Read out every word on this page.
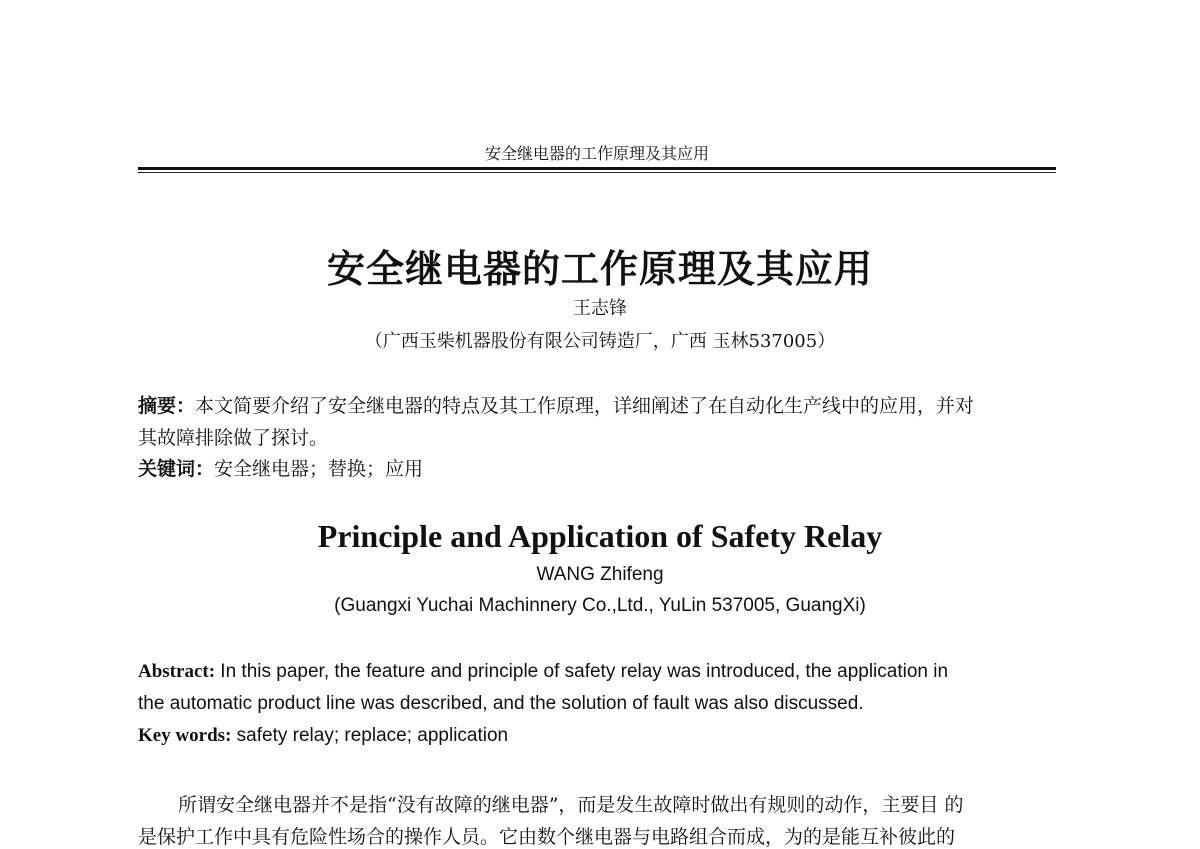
安全继电器的工作原理及其应用
安全继电器的工作原理及其应用
王志锋
（广西玉柴机器股份有限公司铸造厂，广西 玉林537005）
摘要：本文简要介绍了安全继电器的特点及其工作原理，详细阐述了在自动化生产线中的应用，并对
其故障排除做了探讨。
关键词：安全继电器；替换；应用
Principle and Application of Safety Relay
WANG Zhifeng
(Guangxi Yuchai Machinnery Co.,Ltd., YuLin 537005, GuangXi)
Abstract: In this paper, the feature and principle of safety relay was introduced, the application in
the automatic product line was described, and the solution of fault was also discussed.
Key words: safety relay; replace; application
所谓安全继电器并不是指“没有故障的继电器”，而是发生故障时做出有规则的动作，主要目 的
是保护工作中具有危险性场合的操作人员。它由数个继电器与电路组合而成，为的是能互补彼此的
